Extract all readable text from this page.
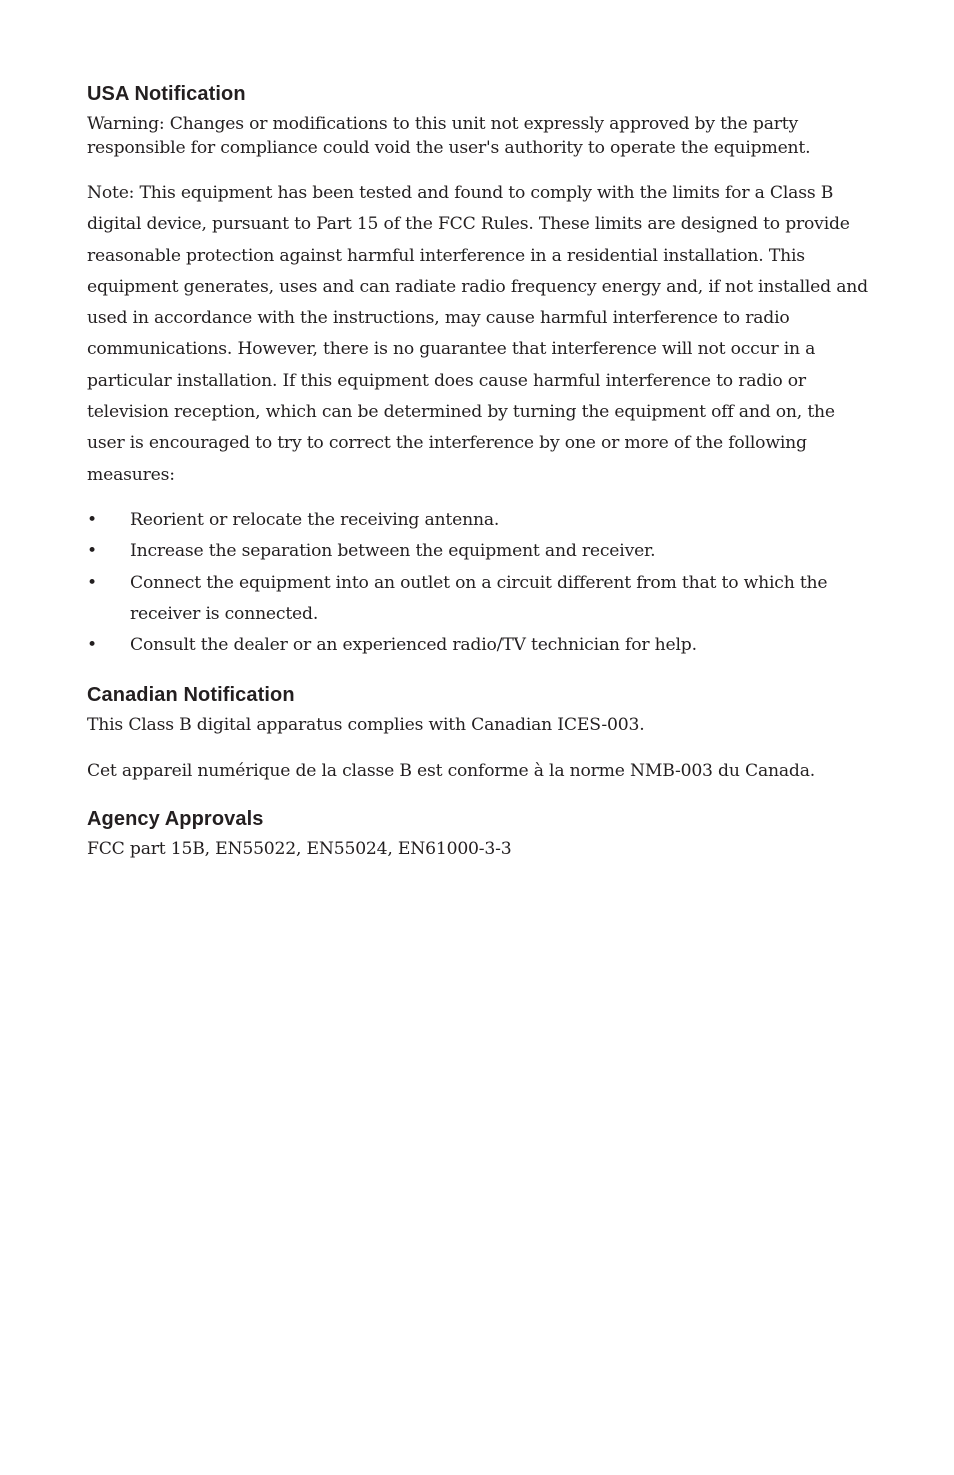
USA Notification

Warning: Changes or modifications to this unit not expressly approved by the party responsible for compliance could void the user's authority to operate the equipment.

Note: This equipment has been tested and found to comply with the limits for a Class B digital device, pursuant to Part 15 of the FCC Rules. These limits are designed to provide reasonable protection against harmful interference in a residential installation. This equipment generates, uses and can radiate radio frequency energy and, if not installed and used in accordance with the instructions, may cause harmful interference to radio communications. However, there is no guarantee that interference will not occur in a particular installation. If this equipment does cause harmful interference to radio or television reception, which can be determined by turning the equipment off and on, the user is encouraged to try to correct the interference by one or more of the following measures:

•	Reorient or relocate the receiving antenna.
•	Increase the separation between the equipment and receiver.
•	Connect the equipment into an outlet on a circuit different from that to which the receiver is connected.
•	Consult the dealer or an experienced radio/TV technician for help.
Canadian Notification

This Class B digital apparatus complies with Canadian ICES-003.

Cet appareil numérique de la classe B est conforme à la norme NMB-003 du Canada.

Agency Approvals

FCC part 15B, EN55022, EN55024, EN61000-3-3
